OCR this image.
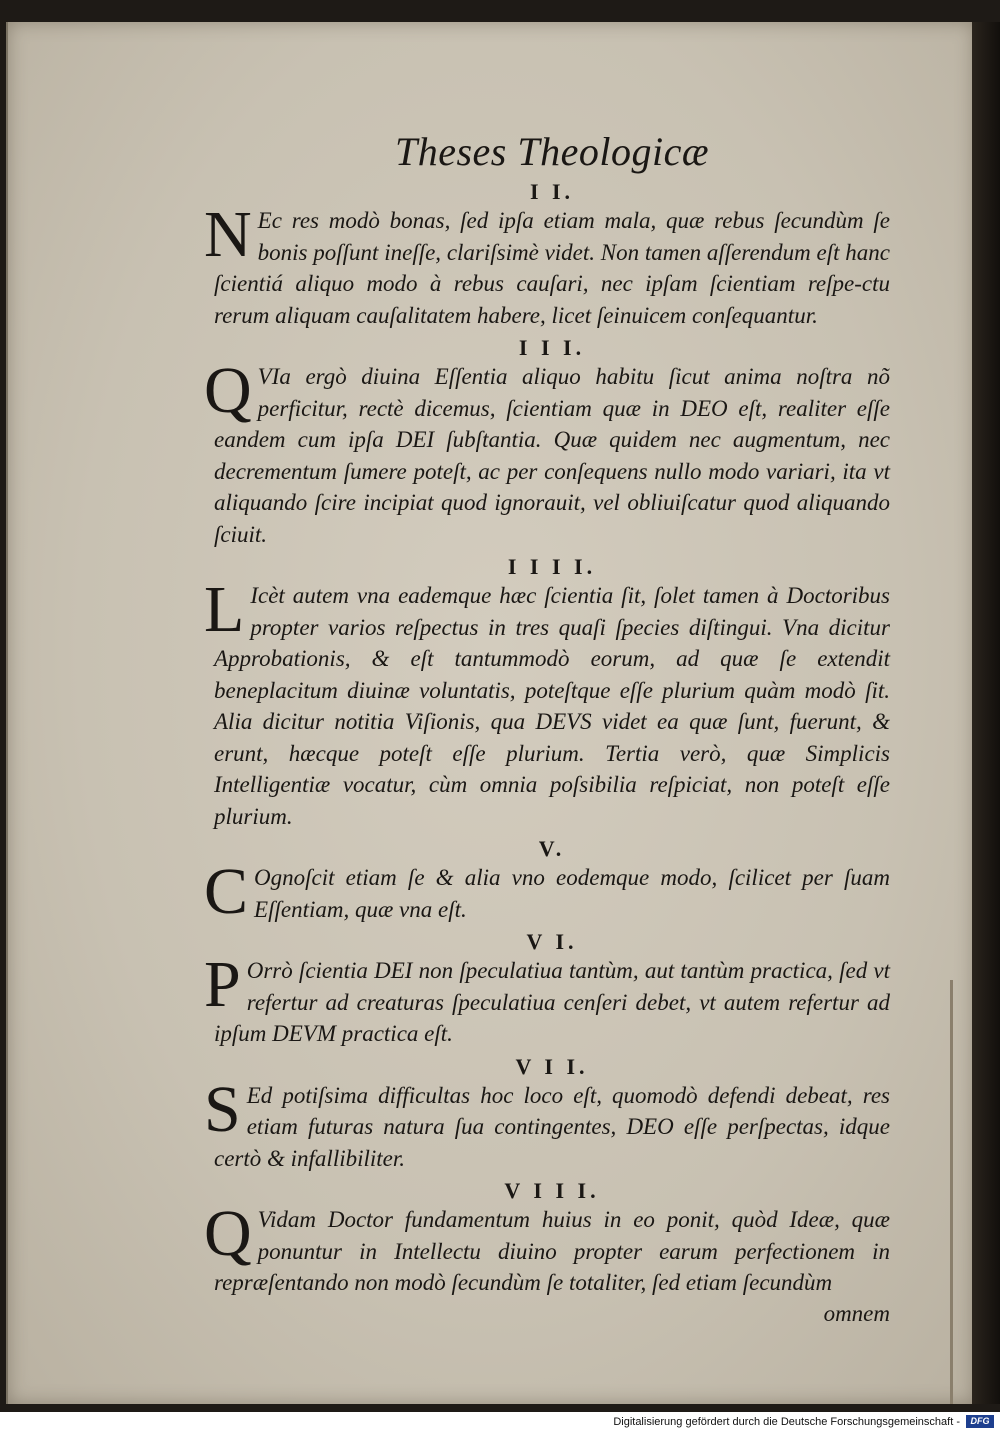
Theses Theologicæ
I I.

N Ec res modò bonas, ſed ipſa etiam mala, quæ rebus ſecundùm ſe bonis poſſunt ineſſe, clariſsimè videt. Non tamen aſſerendum eſt hanc ſcientiá aliquo modo à rebus cauſari, nec ipſam ſcientiam reſpe-ctu rerum aliquam cauſalitatem habere, licet ſeinuicem conſequantur.

I I I.

Q VIa ergò diuina Eſſentia aliquo habitu ſicut anima noſtra nõ perficitur, rectè dicemus, ſcientiam quæ in DEO eſt, realiter eſſe eandem cum ipſa DEI ſubſtantia. Quæ quidem nec augmentum, nec decrementum ſumere poteſt, ac per conſequens nullo modo variari, ita vt aliquando ſcire incipiat quod ignorauit, vel obliuiſcatur quod aliquando ſciuit.

I I I I.

L Icèt autem vna eademque hæc ſcientia ſit, ſolet tamen à Doctoribus propter varios reſpectus in tres quaſi ſpecies diſtingui. Vna dicitur Approbationis, & eſt tantummodò eorum, ad quæ ſe extendit beneplacitum diuinæ voluntatis, poteſtque eſſe plurium quàm modò ſit. Alia dicitur notitia Viſionis, qua DEVS videt ea quæ ſunt, fuerunt, & erunt, hæcque poteſt eſſe plurium. Tertia verò, quæ Simplicis Intelligentiæ vocatur, cùm omnia poſsibilia reſpiciat, non poteſt eſſe plurium.

V.

C Ognoſcit etiam ſe & alia vno eodemque modo, ſcilicet per ſuam Eſſentiam, quæ vna eſt.

V I.

P Orrò ſcientia DEI non ſpeculatiua tantùm, aut tantùm practica, ſed vt refertur ad creaturas ſpeculatiua cenſeri debet, vt autem refertur ad ipſum DEVM practica eſt.

V I I.

S Ed potiſsima difficultas hoc loco eſt, quomodò defendi debeat, res etiam futuras natura ſua contingentes, DEO eſſe perſpectas, idque certò & infallibiliter.

V I I I.

Q Vidam Doctor fundamentum huius in eo ponit, quòd Ideæ, quæ ponuntur in Intellectu diuino propter earum perfectionem in repræſentando non modò ſecundùm ſe totaliter, ſed etiam ſecundùm

omnem
Digitalisierung gefördert durch die Deutsche Forschungsgemeinschaft -	DFG
